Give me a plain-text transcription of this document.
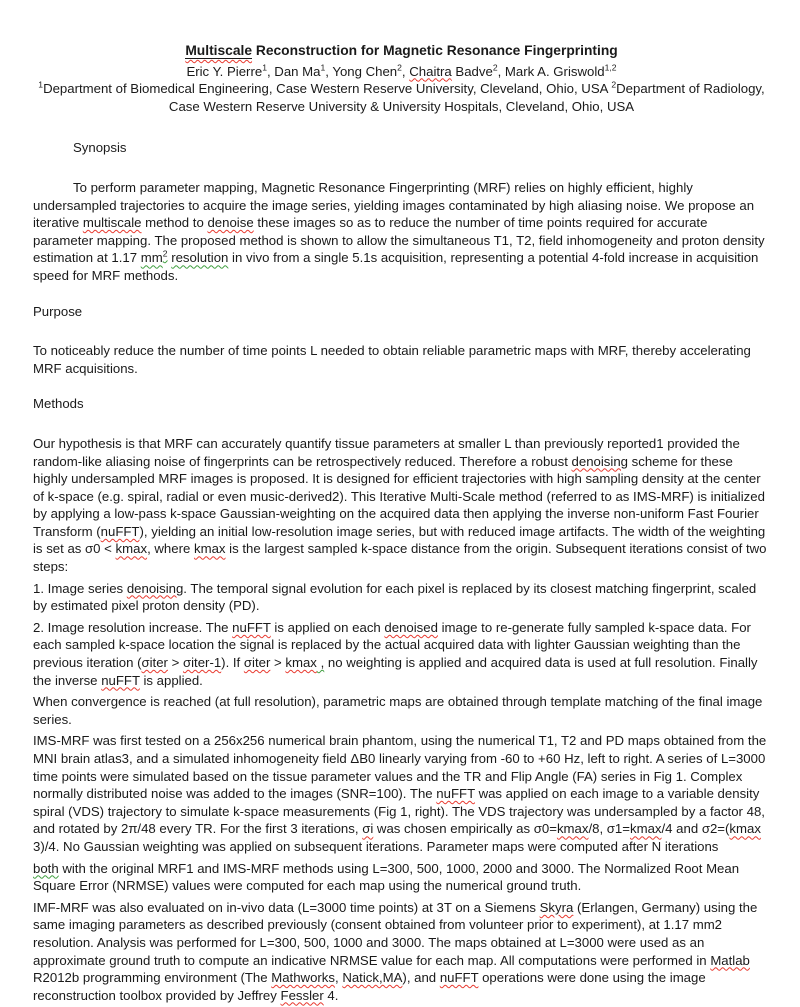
Multiscale Reconstruction for Magnetic Resonance Fingerprinting
Eric Y. Pierre$^1$, Dan Ma$^1$, Yong Chen$^2$, Chaitra Badve$^2$, Mark A. Griswold$^{1,2}$
$^1$Department of Biomedical Engineering, Case Western Reserve University, Cleveland, Ohio, USA $^2$Department of Radiology, Case Western Reserve University & University Hospitals, Cleveland, Ohio, USA
Synopsis
To perform parameter mapping, Magnetic Resonance Fingerprinting (MRF) relies on highly efficient, highly undersampled trajectories to acquire the image series, yielding images contaminated by high aliasing noise. We propose an iterative multiscale method to denoise these images so as to reduce the number of time points required for accurate parameter mapping. The proposed method is shown to allow the simultaneous T1, T2, field inhomogeneity and proton density estimation at 1.17 $mm^2$ resolution in vivo from a single 5.1s acquisition, representing a potential 4-fold increase in acquisition speed for MRF methods.
Purpose
To noticeably reduce the number of time points L needed to obtain reliable parametric maps with MRF, thereby accelerating MRF acquisitions.
Methods
Our hypothesis is that MRF can accurately quantify tissue parameters at smaller L than previously reported1 provided the random-like aliasing noise of fingerprints can be retrospectively reduced. Therefore a robust denoising scheme for these highly undersampled MRF images is proposed. It is designed for efficient trajectories with high sampling density at the center of k-space (e.g. spiral, radial or even music-derived2). This Iterative Multi-Scale method (referred to as IMS-MRF) is initialized by applying a low-pass k-space Gaussian-weighting on the acquired data then applying the inverse non-uniform Fast Fourier Transform (nuFFT), yielding an initial low-resolution image series, but with reduced image artifacts. The width of the weighting is set as σ0 < kmax, where kmax is the largest sampled k-space distance from the origin. Subsequent iterations consist of two steps:
1. Image series denoising. The temporal signal evolution for each pixel is replaced by its closest matching fingerprint, scaled by estimated pixel proton density (PD).
2. Image resolution increase. The nuFFT is applied on each denoised image to re-generate fully sampled k-space data. For each sampled k-space location the signal is replaced by the actual acquired data with lighter Gaussian weighting than the previous iteration (σiter > σiter-1). If σiter > kmax , no weighting is applied and acquired data is used at full resolution. Finally the inverse nuFFT is applied.
When convergence is reached (at full resolution), parametric maps are obtained through template matching of the final image series.
IMS-MRF was first tested on a 256x256 numerical brain phantom, using the numerical T1, T2 and PD maps obtained from the MNI brain atlas3, and a simulated inhomogeneity field ΔB0 linearly varying from -60 to +60 Hz, left to right. A series of L=3000 time points were simulated based on the tissue parameter values and the TR and Flip Angle (FA) series in Fig 1. Complex normally distributed noise was added to the images (SNR=100). The nuFFT was applied on each image to a variable density spiral (VDS) trajectory to simulate k-space measurements (Fig 1, right). The VDS trajectory was undersampled by a factor 48, and rotated by 2π/48 every TR. For the first 3 iterations, σi was chosen empirically as σ0=kmax/8, σ1=kmax/4 and σ2=(kmax 3)/4. No Gaussian weighting was applied on subsequent iterations. Parameter maps were computed after N iterations
both with the original MRF1 and IMS-MRF methods using L=300, 500, 1000, 2000 and 3000. The Normalized Root Mean Square Error (NRMSE) values were computed for each map using the numerical ground truth.
IMF-MRF was also evaluated on in-vivo data (L=3000 time points) at 3T on a Siemens Skyra (Erlangen, Germany) using the same imaging parameters as described previously (consent obtained from volunteer prior to experiment), at 1.17 mm2 resolution. Analysis was performed for L=300, 500, 1000 and 3000. The maps obtained at L=3000 were used as an approximate ground truth to compute an indicative NRMSE value for each map. All computations were performed in Matlab R2012b programming environment (The Mathworks, Natick,MA), and nuFFT operations were done using the image reconstruction toolbox provided by Jeffrey Fessler 4.
